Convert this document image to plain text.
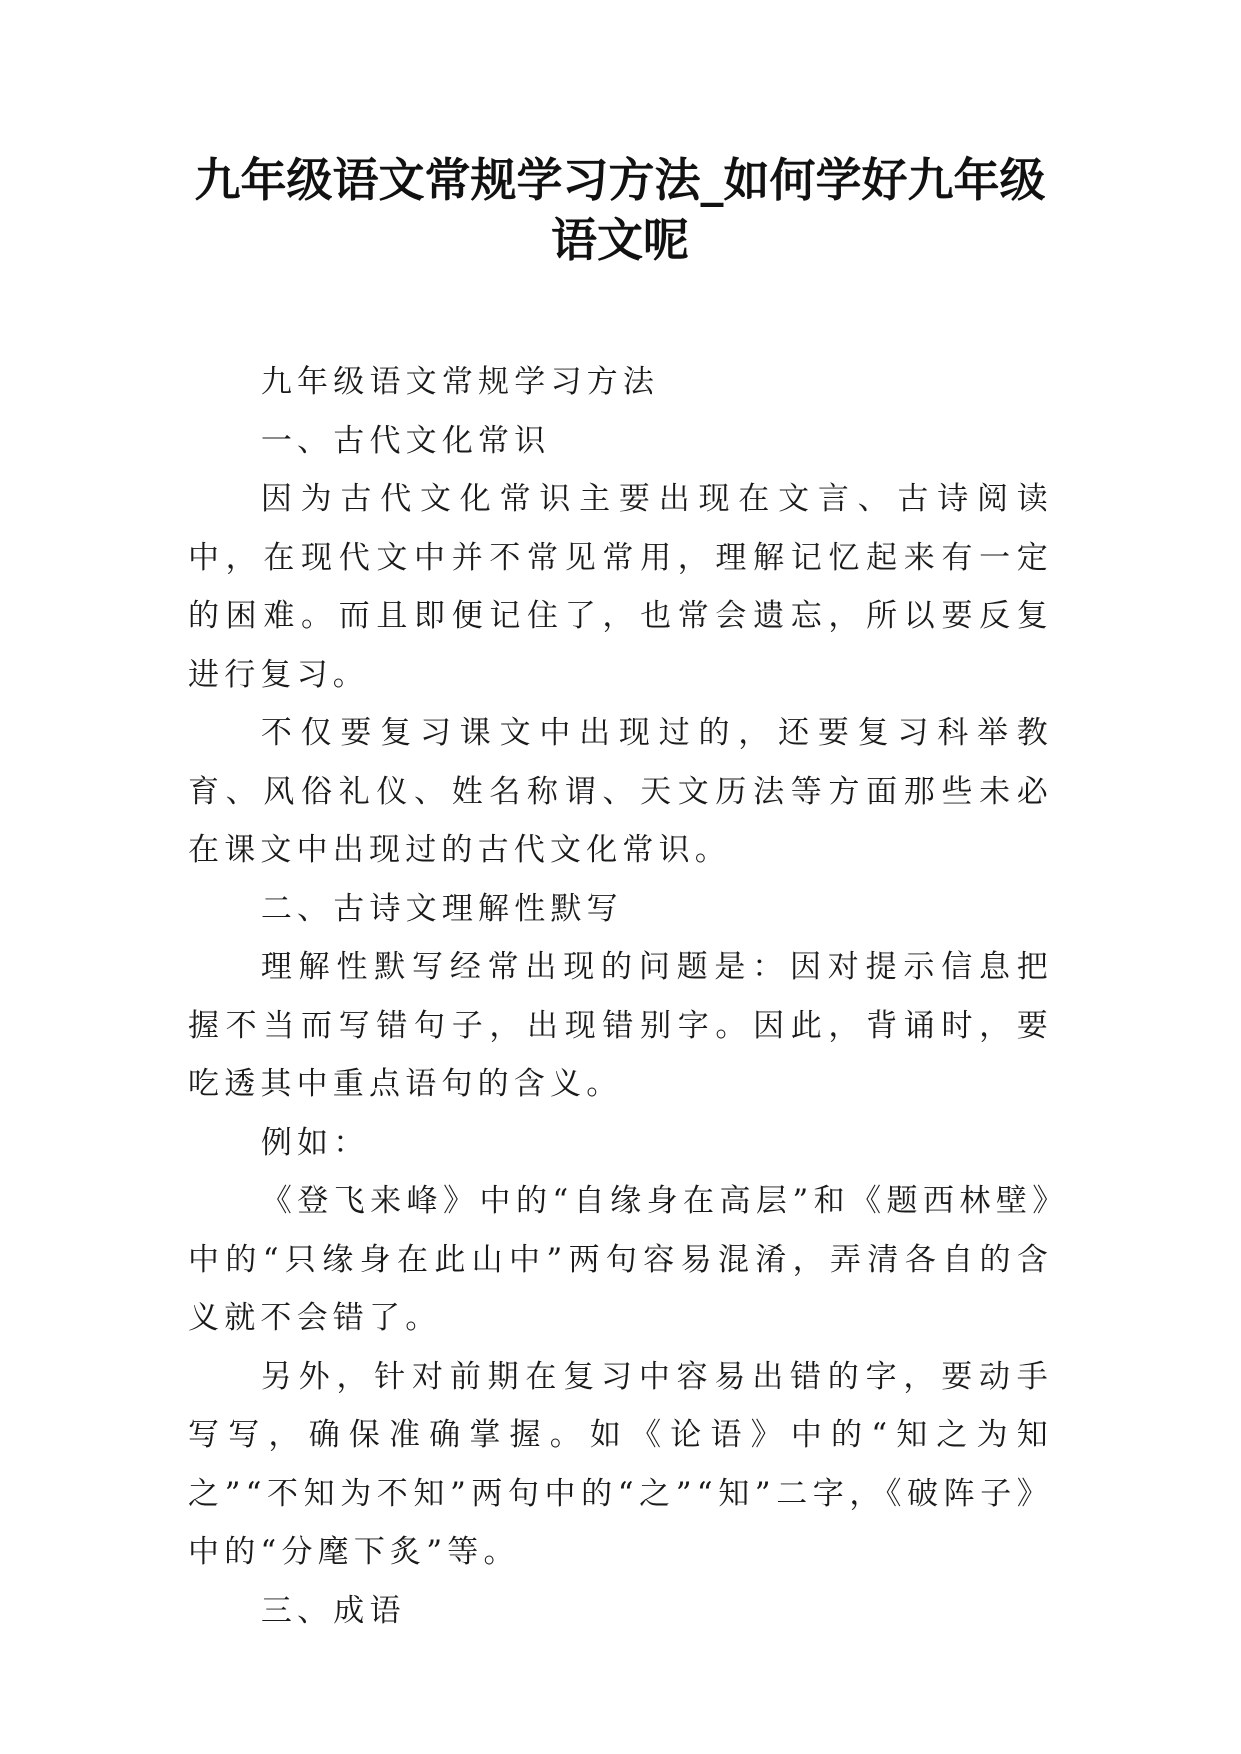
九年级语文常规学习方法_如何学好九年级
语文呢

九年级语文常规学习方法

一、古代文化常识

因为古代文化常识主要出现在文言、古诗阅读中，在现代文中并不常见常用，理解记忆起来有一定的困难。而且即便记住了，也常会遗忘，所以要反复进行复习。

不仅要复习课文中出现过的，还要复习科举教育、风俗礼仪、姓名称谓、天文历法等方面那些未必在课文中出现过的古代文化常识。

二、古诗文理解性默写

理解性默写经常出现的问题是：因对提示信息把握不当而写错句子，出现错别字。因此，背诵时，要吃透其中重点语句的含义。

例如：

《登飞来峰》中的“自缘身在高层”和《题西林壁》中的“只缘身在此山中”两句容易混淆，弄清各自的含义就不会错了。

另外，针对前期在复习中容易出错的字，要动手写写，确保准确掌握。如《论语》中的“知之为知之”“不知为不知”两句中的“之”“知”二字，《破阵子》中的“分麾下炙”等。

三、成语
